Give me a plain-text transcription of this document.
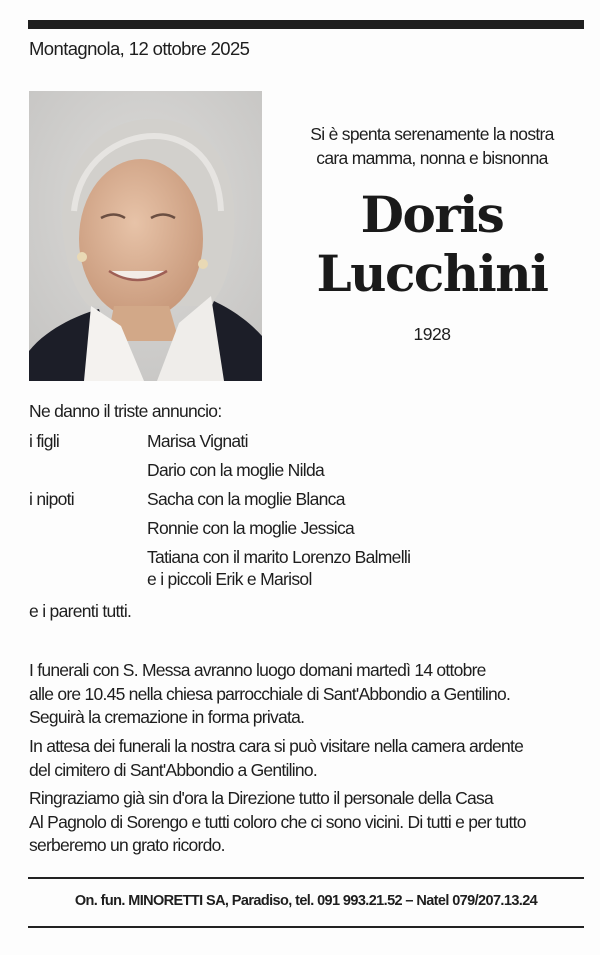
Montagnola, 12 ottobre 2025
Si è spenta serenamente la nostra
cara mamma, nonna e bisnonna
Doris
Lucchini
1928
Ne danno il triste annuncio:
i figli	Marisa Vignati
Dario con la moglie Nilda
i nipoti	Sacha con la moglie Blanca
Ronnie con la moglie Jessica
Tatiana con il marito Lorenzo Balmelli
e i piccoli Erik e Marisol
e i parenti tutti.
I funerali con S. Messa avranno luogo domani martedì 14 ottobre
alle ore 10.45 nella chiesa parrocchiale di Sant'Abbondio a Gentilino.
Seguirà la cremazione in forma privata.
In attesa dei funerali la nostra cara si può visitare nella camera ardente
del cimitero di Sant'Abbondio a Gentilino.
Ringraziamo già sin d'ora la Direzione tutto il personale della Casa
Al Pagnolo di Sorengo e tutti coloro che ci sono vicini. Di tutti e per tutto
serberemo un grato ricordo.
On. fun. MINORETTI SA, Paradiso, tel. 091 993.21.52 – Natel 079/207.13.24
